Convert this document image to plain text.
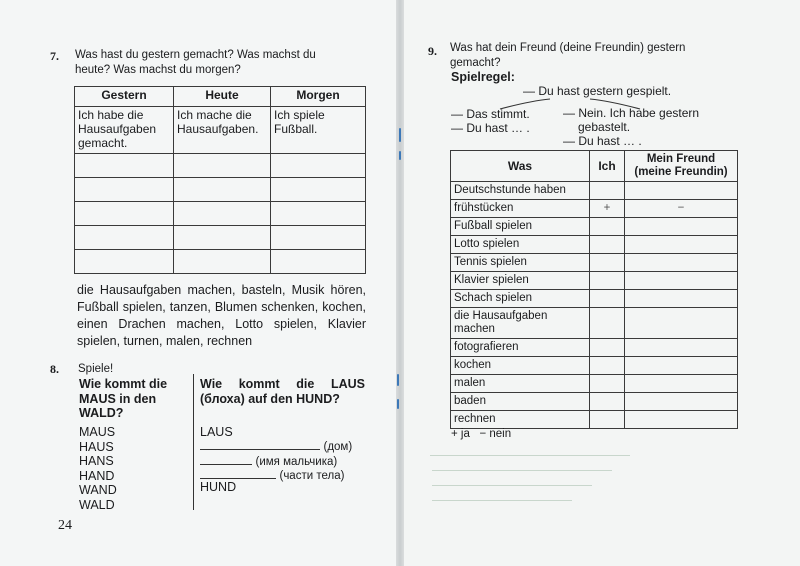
7. Was hast du gestern gemacht? Was machst du
heute? Was machst du morgen?
Gestern	Heute	Morgen
Ich habe die Hausaufgaben gemacht.	Ich mache die Hausaufgaben.	Ich spiele Fußball.

die Hausaufgaben machen, basteln, Musik hören, Fußball spielen, tanzen, Blumen schenken, kochen, einen Drachen machen, Lotto spielen, Klavier spielen, turnen, malen, rechnen
8. Spiele!
Wie kommt die MAUS in den WALD?
MAUS
HAUS
HANS
HAND
WAND
WALD
Wie kommt die LAUS (блоха) auf den HUND?
LAUS
(дом)
(имя мальчика)
(части тела)
HUND
24
9. Was hat dein Freund (deine Freundin) gestern
gemacht?
Spielregel:
— Du hast gestern gespielt.
— Das stimmt.
— Du hast … .
— Nein. Ich habe gestern
gebastelt.
— Du hast … .
Was	Ich	Mein Freund (meine Freundin)
Deutschstunde haben		
frühstücken	+	−
Fußball spielen		
Lotto spielen		
Tennis spielen		
Klavier spielen		
Schach spielen		
die Hausaufgaben machen		
fotografieren		
kochen		
malen		
baden		
rechnen		
+ ja   − nein
